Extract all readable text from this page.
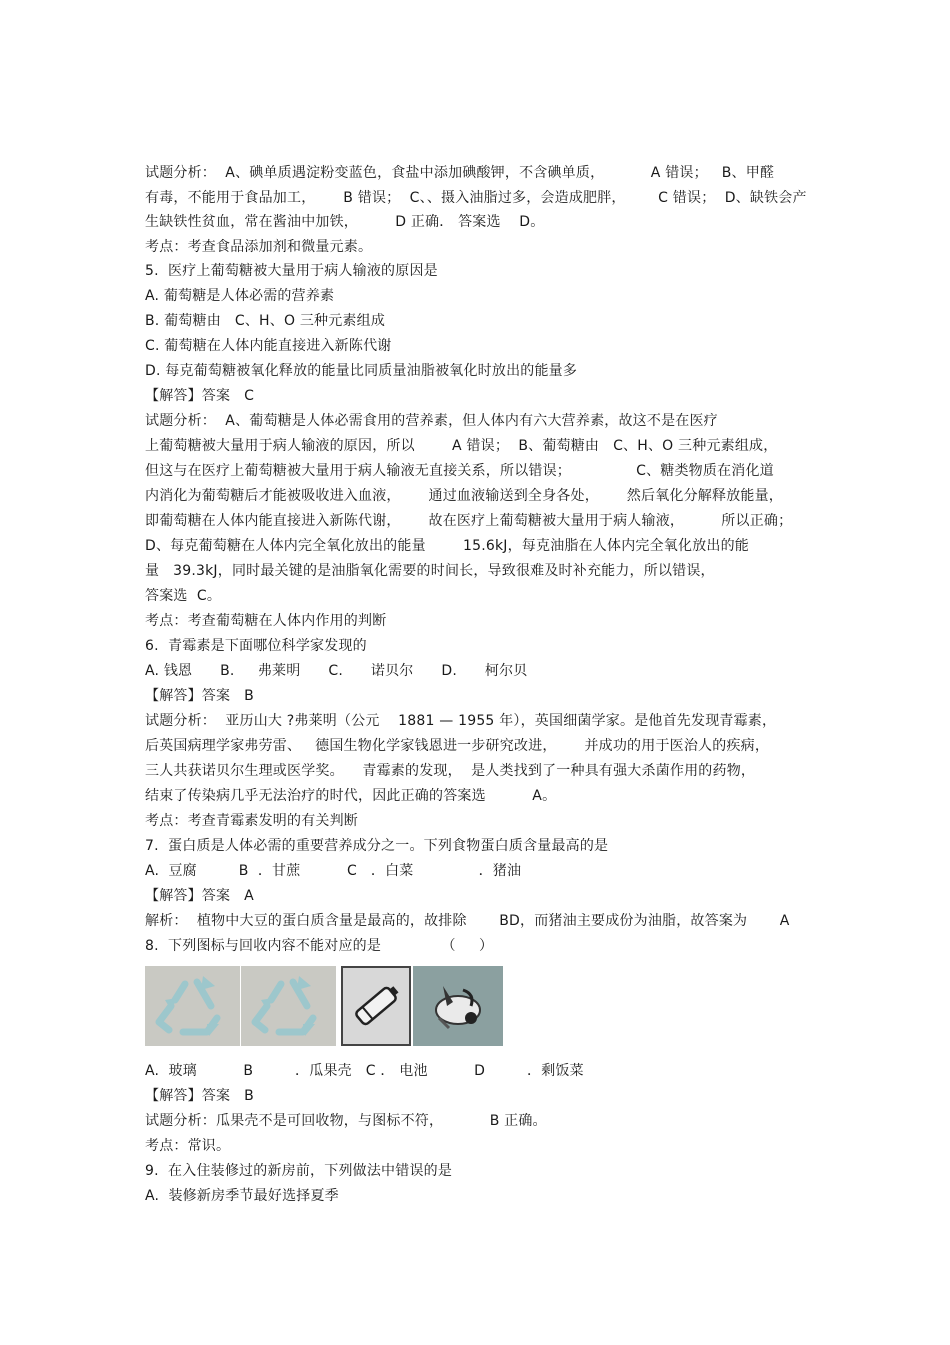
试题分析：  A、碘单质遇淀粉变蓝色，食盐中添加碘酸钾，不含碘单质，          A 错误；   B、甲醛
有毒，不能用于食品加工，      B 错误；  C、、摄入油脂过多，会造成肥胖，       C 错误；  D、缺铁会产
生缺铁性贫血，常在酱油中加铁，        D 正确． 答案选    D。
考点：考查食品添加剂和微量元素。
5.  医疗上葡萄糖被大量用于病人输液的原因是
A. 葡萄糖是人体必需的营养素
B. 葡萄糖由   C、H、O 三种元素组成
C. 葡萄糖在人体内能直接进入新陈代谢
D. 每克葡萄糖被氧化释放的能量比同质量油脂被氧化时放出的能量多
【解答】答案   C
试题分析：  A、葡萄糖是人体必需食用的营养素，但人体内有六大营养素，故这不是在医疗
上葡萄糖被大量用于病人输液的原因，所以        A 错误；  B、葡萄糖由   C、H、O 三种元素组成，
但这与在医疗上葡萄糖被大量用于病人输液无直接关系，所以错误；              C、糖类物质在消化道
内消化为葡萄糖后才能被吸收进入血液，      通过血液输送到全身各处，      然后氧化分解释放能量，
即葡萄糖在人体内能直接进入新陈代谢，      故在医疗上葡萄糖被大量用于病人输液，        所以正确；
D、每克葡萄糖在人体内完全氧化放出的能量        15.6kJ，每克油脂在人体内完全氧化放出的能
量   39.3kJ，同时最关键的是油脂氧化需要的时间长，导致很难及时补充能力，所以错误，
答案选  C。
考点：考查葡萄糖在人体内作用的判断
6.  青霉素是下面哪位科学家发现的
A. 钱恩      B.     弗莱明      C.      诺贝尔      D.      柯尔贝
【解答】答案   B
试题分析：  亚历山大 ?弗莱明（公元    1881 — 1955 年），英国细菌学家。是他首先发现青霉素，
后英国病理学家弗劳雷、   德国生物化学家钱恩进一步研究改进，      并成功的用于医治人的疾病，
三人共获诺贝尔生理或医学奖。    青霉素的发现，  是人类找到了一种具有强大杀菌作用的药物，
结束了传染病几乎无法治疗的时代，因此正确的答案选          A。
考点：考查青霉素发明的有关判断
7.  蛋白质是人体必需的重要营养成分之一。下列食物蛋白质含量最高的是
A.  豆腐         B  ．甘蔗          C   ．白菜              ．猪油
【解答】答案   A
解析：  植物中大豆的蛋白质含量是最高的，故排除       BD，而猪油主要成份为油脂，故答案为       A
8.  下列图标与回收内容不能对应的是             （     ）
A.  玻璃          B         ．瓜果壳   C ． 电池          D         ．剩饭菜
【解答】答案   B
试题分析：瓜果壳不是可回收物，与图标不符，          B 正确。
考点：常识。
9.  在入住装修过的新房前，下列做法中错误的是
A.  装修新房季节最好选择夏季
